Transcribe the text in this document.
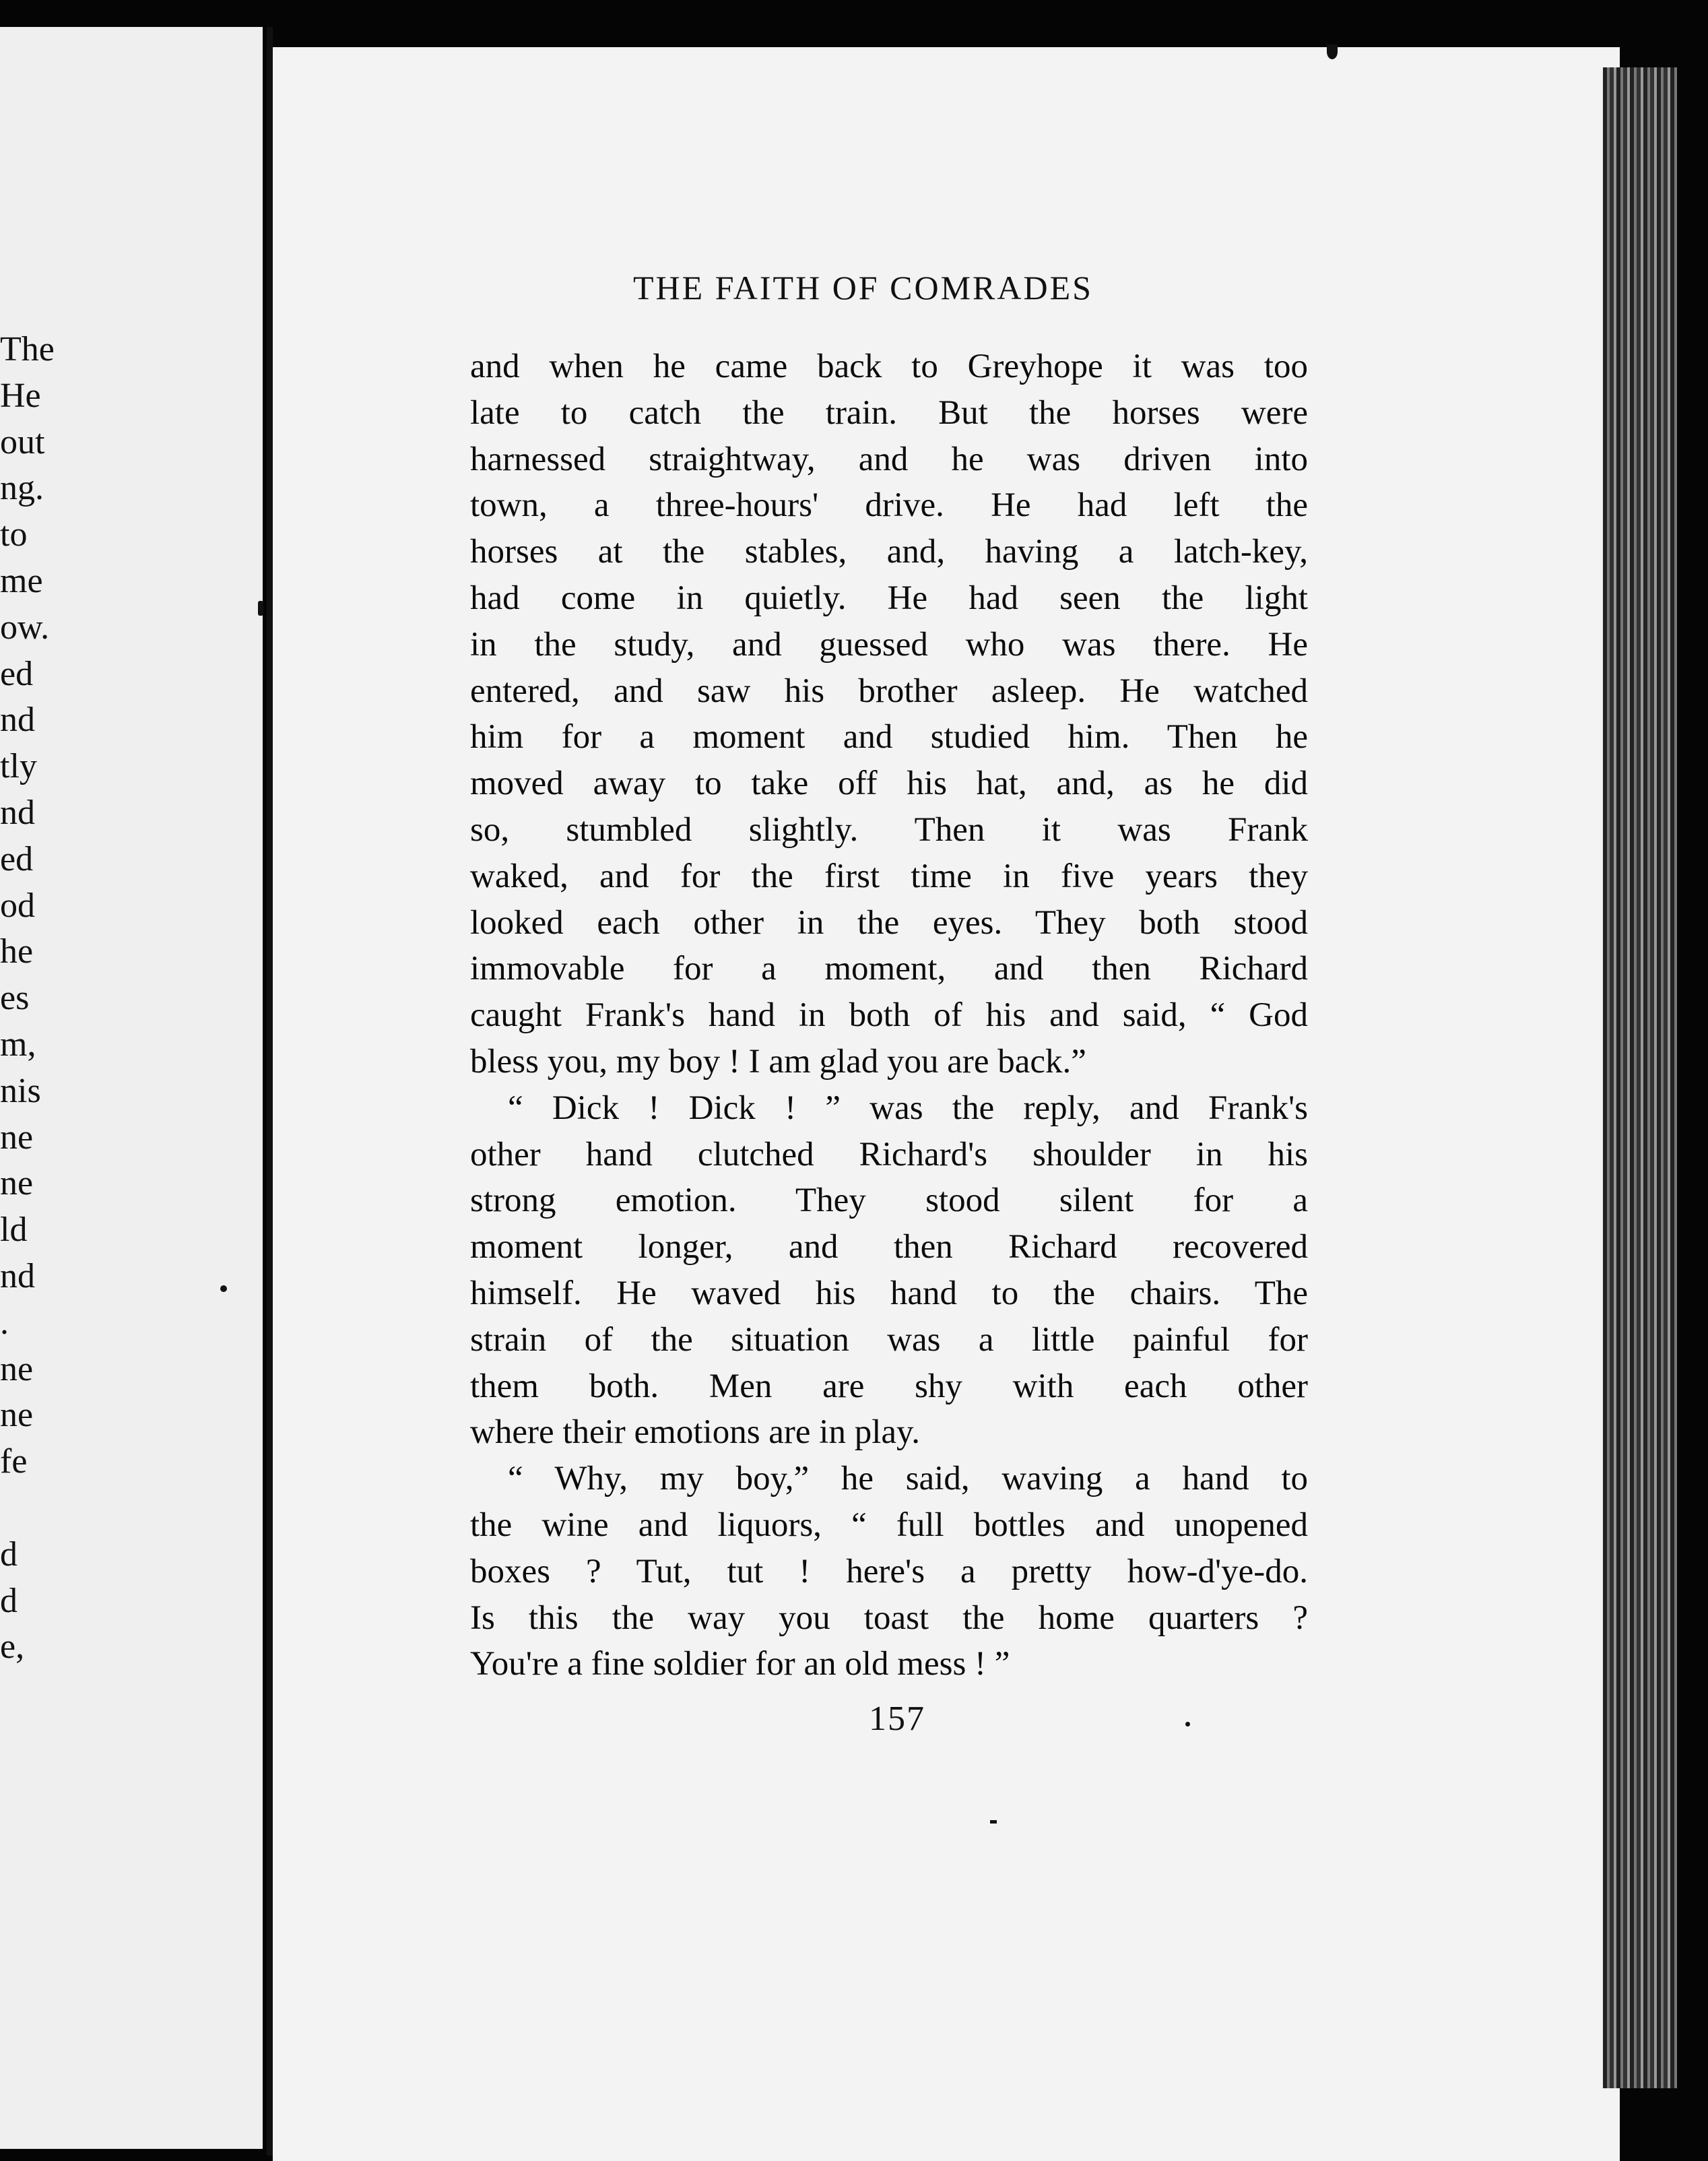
The
He
out
ng.
to
me
ow.
ed
nd
tly
nd
ed
od
he
es
m,
nis
ne
ne
ld
nd
.
ne
ne
fe
d
d
e,
THE FAITH OF COMRADES
and when he came back to Greyhope it was too
late to catch the train. But the horses were
harnessed straightway, and he was driven into
town, a three-hours' drive. He had left the
horses at the stables, and, having a latch-key,
had come in quietly. He had seen the light
in the study, and guessed who was there. He
entered, and saw his brother asleep. He watched
him for a moment and studied him. Then he
moved away to take off his hat, and, as he did
so, stumbled slightly. Then it was Frank
waked, and for the first time in five years they
looked each other in the eyes. They both stood
immovable for a moment, and then Richard
caught Frank's hand in both of his and said, “ God
bless you, my boy ! I am glad you are back.”
“ Dick ! Dick ! ” was the reply, and Frank's
other hand clutched Richard's shoulder in his
strong emotion. They stood silent for a
moment longer, and then Richard recovered
himself. He waved his hand to the chairs. The
strain of the situation was a little painful for
them both. Men are shy with each other
where their emotions are in play.
“ Why, my boy,” he said, waving a hand to
the wine and liquors, “ full bottles and unopened
boxes ? Tut, tut ! here's a pretty how-d'ye-do.
Is this the way you toast the home quarters ?
You're a fine soldier for an old mess ! ”
157
